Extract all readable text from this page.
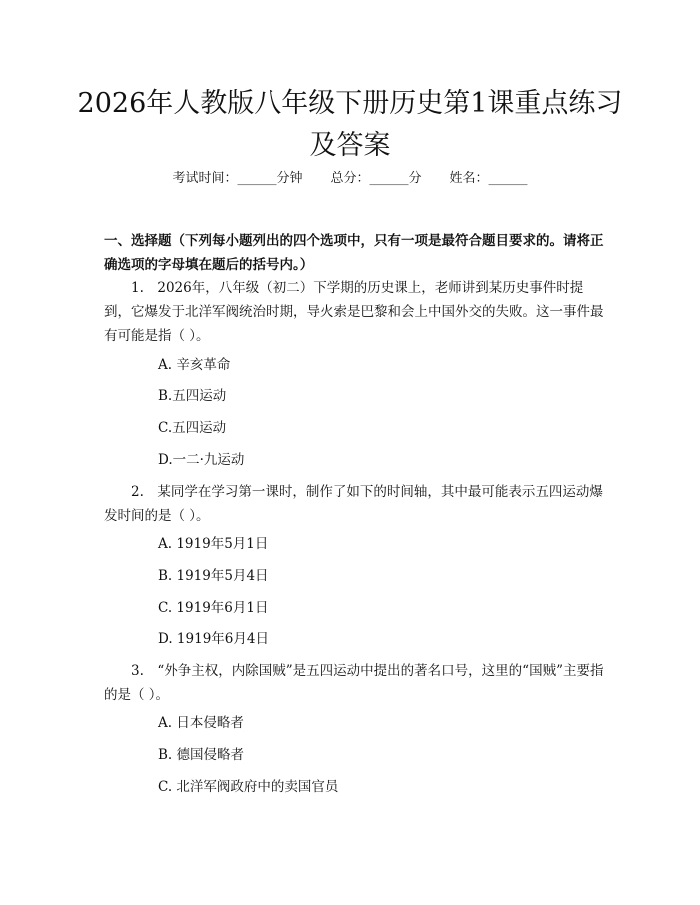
2026年人教版八年级下册历史第1课重点练习及答案
考试时间：______分钟 总分：______分 姓名：______

一、选择题（下列每小题列出的四个选项中，只有一项是最符合题目要求的。请将正确选项的字母填在题后的括号内。）

1.　2026年，八年级（初二）下学期的历史课上，老师讲到某历史事件时提到，它爆发于北洋军阀统治时期，导火索是巴黎和会上中国外交的失败。这一事件最有可能是指（ ）。

A. 辛亥革命

B.五四运动

C.五四运动

D.一二·九运动

2.　某同学在学习第一课时，制作了如下的时间轴，其中最可能表示五四运动爆发时间的是（ ）。

A. 1919年5月1日

B. 1919年5月4日

C. 1919年6月1日

D. 1919年6月4日

3.　“外争主权，内除国贼”是五四运动中提出的著名口号，这里的“国贼”主要指的是（ ）。

A. 日本侵略者

B. 德国侵略者

C. 北洋军阀政府中的卖国官员
